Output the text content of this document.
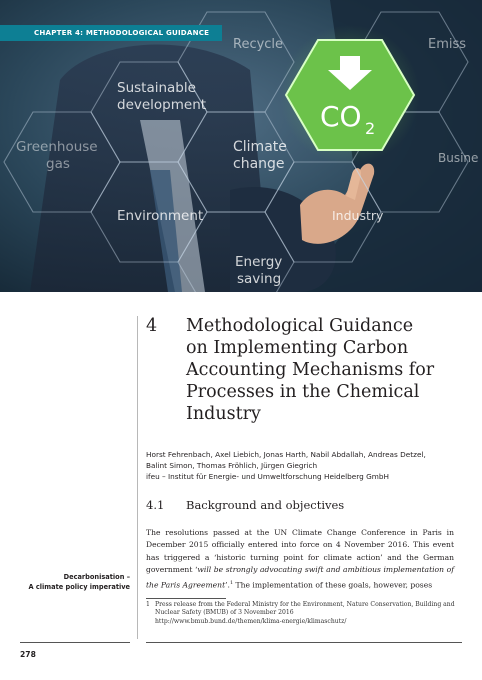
CO 2
Recycle	Emiss
Busine
Sustainable
development
Greenhouse
gas
Climate
change
Environment	Industry
Energy
saving
CHAPTER 4: METHODOLOGICAL GUIDANCE
4 Methodological Guidance
on Implementing Carbon
Accounting Mechanisms for
Processes in the Chemical
Industry
Horst Fehrenbach, Axel Liebich, Jonas Harth, Nabil Abdallah, Andreas Detzel,
Balint Simon, Thomas Fröhlich, Jürgen Giegrich
ifeu – Institut für Energie- und Umweltforschung Heidelberg GmbH
4.1 Background and objectives

The resolutions passed at the UN Climate Change Conference in Paris in December 2015 officially entered into force on 4 November 2016. This event has triggered a ‘historic turning point for climate action’ and the German government ‘will be strongly advocating swift and ambitious implementation of the Paris Agreement’.$^1$ The implementation of these goals, however, poses

Decarbonisation –
A climate policy imperative
1 Press release from the Federal Ministry for the Environment, Nature Conservation, Building and
Nuclear Safety (BMUB) of 3 November 2016
http://www.bmub.bund.de/themen/klima-energie/klimaschutz/
278
